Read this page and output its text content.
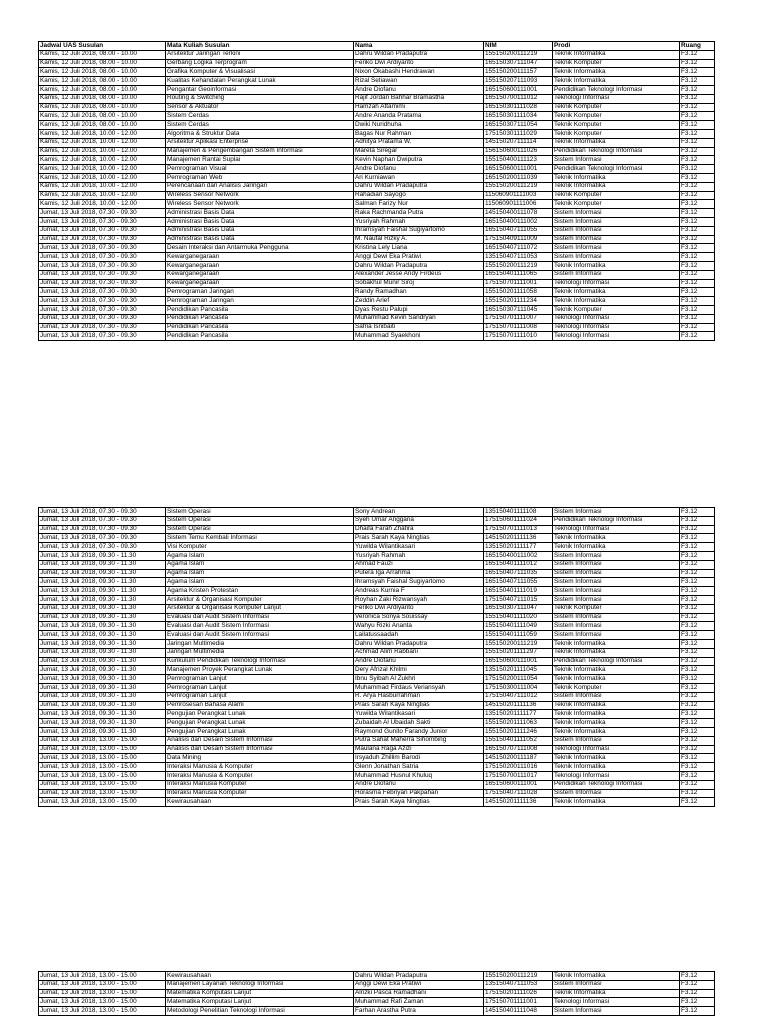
Jadwal UAS Susulan	Mata Kuliah Susulan	Nama	NIM	Prodi	Ruang
Kamis, 12 Juli 2018, 08.00 - 10.00	Arsitektur Jaringan Terkini	Dahru Wildan Pradaputra	155150200111219	Teknik Informatika	F3.12
Kamis, 12 Juli 2018, 08.00 - 10.00	Gerbang Logika Terprogram	Feriko Dwi Ardiyanto	165150307111047	Teknik Komputer	F3.12
Kamis, 12 Juli 2018, 08.00 - 10.00	Grafika Komputer & Visualisasi	Nixon Okabashi Hendrawan	155150200111157	Teknik Informatika	F3.12
Kamis, 12 Juli 2018, 08.00 - 10.00	Kualitas Kehandalan Perangkat Lunak	Rizal Setiawan	155150207111093	Teknik Informatika	F3.12
Kamis, 12 Juli 2018, 08.00 - 10.00	Pengantar Geoinformasi	Andre Diofanu	165150600111001	Pendidikan Teknologi Informasi	F3.12
Kamis, 12 Juli 2018, 08.00 - 10.00	Routing & Switching	Rajif Jordan Bahhar Bramastha	165150700111012	Teknologi Informasi	F3.12
Kamis, 12 Juli 2018, 08.00 - 10.00	Sensor & Aktuator	Hamzah Attamimi	165150301111028	Teknik Komputer	F3.12
Kamis, 12 Juli 2018, 08.00 - 10.00	Sistem Cerdas	Andre Ananda Pratama	165150301111034	Teknik Komputer	F3.12
Kamis, 12 Juli 2018, 08.00 - 10.00	Sistem Cerdas	Dwiki Nuridhuha	165150307111054	Teknik Komputer	F3.12
Kamis, 12 Juli 2018, 10.00 - 12.00	Algoritma & Struktur Data	Bagas Nur Rahman	175150301111029	Teknik Komputer	F3.12
Kamis, 12 Juli 2018, 10.00 - 12.00	Arsitektur Aplikasi Enterprise	Adhitya Pratama W.	145150207111114	Teknik Informatika	F3.12
Kamis, 12 Juli 2018, 10.00 - 12.00	Manajemen & Pengembangan Sistem Informasi	Mareta Siregar	156150600111026	Pendidikan Teknologi Informasi	F3.12
Kamis, 12 Juli 2018, 10.00 - 12.00	Manajemen Rantai Suplai	Kevin Naphan Dwiputra	155150400111123	Sistem Informasi	F3.12
Kamis, 12 Juli 2018, 10.00 - 12.00	Pemrograman Visual	Andre Diofanu	165150600111001	Pendidikan Teknologi Informasi	F3.12
Kamis, 12 Juli 2018, 10.00 - 12.00	Pemrograman Web	Ari Kurniawan	165150200111039	Teknik Informatika	F3.12
Kamis, 12 Juli 2018, 10.00 - 12.00	Perencanaan dan Analisis Jaringan	Dahru Wildan Pradaputra	155150200111219	Teknik Informatika	F3.12
Kamis, 12 Juli 2018, 10.00 - 12.00	Wireless Sensor Network	Rahadian Sayogo	115060901111003	Teknik Komputer	F3.12
Kamis, 12 Juli 2018, 10.00 - 12.00	Wireless Sensor Network	Salman Farizy Nur	115060901111006	Teknik Komputer	F3.12
Jumat, 13 Juli 2018, 07.30 - 09.30	Administrasi Basis Data	Raka Rachmanda Putra	145150400111078	Sistem Informasi	F3.12
Jumat, 13 Juli 2018, 07.30 - 09.30	Administrasi Basis Data	Yusriyah Rahmah	165150400111002	Sistem Informasi	F3.12
Jumat, 13 Juli 2018, 07.30 - 09.30	Administrasi Basis Data	Ihramsyah Faishal Sugiyartomo	165150407111055	Sistem Informasi	F3.12
Jumat, 13 Juli 2018, 07.30 - 09.30	Administrasi Basis Data	M. Naufal Rizky A.	175150409111009	Sistem Informasi	F3.12
Jumat, 13 Juli 2018, 07.30 - 09.30	Desain Interaksi dan Antarmuka Pengguna	Kristina Lely Liana	165150407111072	Sistem Informasi	F3.12
Jumat, 13 Juli 2018, 07.30 - 09.30	Kewarganegaraan	Anggi Dewi Eka Pratiwi	135150407111053	Sistem Informasi	F3.12
Jumat, 13 Juli 2018, 07.30 - 09.30	Kewarganegaraan	Dahru Wildan Pradaputra	155150200111219	Teknik Informatika	F3.12
Jumat, 13 Juli 2018, 07.30 - 09.30	Kewarganegaraan	Alexander Jesse Andy Firdeus	165150401111065	Sistem Informasi	F3.12
Jumat, 13 Juli 2018, 07.30 - 09.30	Kewarganegaraan	Sobakhul Munir Siroj	175150701111001	Teknologi Informasi	F3.12
Jumat, 13 Juli 2018, 07.30 - 09.30	Pemrograman Jaringan	Randy Ramadhan	155150201111058	Teknik Informatika	F3.12
Jumat, 13 Juli 2018, 07.30 - 09.30	Pemrograman Jaringan	Zeddin Arief	155150201111234	Teknik Informatika	F3.12
Jumat, 13 Juli 2018, 07.30 - 09.30	Pendidikan Pancasila	Dyas Restu Palupi	165150307111045	Teknik Komputer	F3.12
Jumat, 13 Juli 2018, 07.30 - 09.30	Pendidikan Pancasila	Muhammad Kevin Sandryan	175150701111007	Teknologi Informasi	F3.12
Jumat, 13 Juli 2018, 07.30 - 09.30	Pendidikan Pancasila	Safria Isnibaiti	175150701111008	Teknologi Informasi	F3.12
Jumat, 13 Juli 2018, 07.30 - 09.30	Pendidikan Pancasila	Muhammad Syaekhoni	175150701111010	Teknologi Informasi	F3.12
Jumat, 13 Juli 2018, 07.30 - 09.30	Sistem Operasi	Sony Andrean	135150401111108	Sistem Informasi	F3.12
Jumat, 13 Juli 2018, 07.30 - 09.30	Sistem Operasi	Syeh Umar Anggana	175150601111024	Pendidikan Teknologi Informasi	F3.12
Jumat, 13 Juli 2018, 07.30 - 09.30	Sistem Operasi	Dhaifa Farah Zhafira	175150701111013	Teknologi Informasi	F3.12
Jumat, 13 Juli 2018, 07.30 - 09.30	Sistem Temu Kembali Informasi	Prais Sarah Kaya Ningtias	145150201111136	Teknik Informatika	F3.12
Jumat, 13 Juli 2018, 07.30 - 09.30	Visi Komputer	Yuwilda Wilantikasari	135150201111177	Teknik Informatika	F3.12
Jumat, 13 Juli 2018, 09.30 - 11.30	Agama Islam	Yusriyah Rahmah	165150400111002	Sistem Informasi	F3.12
Jumat, 13 Juli 2018, 09.30 - 11.30	Agama Islam	Ahmad Fauzi	165150401111012	Sistem Informasi	F3.12
Jumat, 13 Juli 2018, 09.30 - 11.30	Agama Islam	Putera Iga Arrahma	165150407111035	Sistem Informasi	F3.12
Jumat, 13 Juli 2018, 09.30 - 11.30	Agama Islam	Ihramsyah Faishal Sugiyartomo	165150407111055	Sistem Informasi	F3.12
Jumat, 13 Juli 2018, 09.30 - 11.30	Agama Kristen Protestan	Andreas Kurnia F	165150401111019	Sistem Informasi	F3.12
Jumat, 13 Juli 2018, 09.30 - 11.30	Arsitektur & Organisasi Komputer	Royhan Zaki Rizwansyah	175150407111015	Sistem Informasi	F3.12
Jumat, 13 Juli 2018, 09.30 - 11.30	Arsitektur & Organisasi Komputer Lanjut	Feriko Dwi Ardiyanto	165150307111047	Teknik Komputer	F3.12
Jumat, 13 Juli 2018, 09.30 - 11.30	Evaluasi dan Audit Sistem Informasi	Veronica Sonya Souissay	155150401111020	Sistem Informasi	F3.12
Jumat, 13 Juli 2018, 09.30 - 11.30	Evaluasi dan Audit Sistem Informasi	Wahyu Rizki Ananta	155150401111049	Sistem Informasi	F3.12
Jumat, 13 Juli 2018, 09.30 - 11.30	Evaluasi dan Audit Sistem Informasi	Lailatussaadah	155150401111059	Sistem Informasi	F3.12
Jumat, 13 Juli 2018, 09.30 - 11.30	Jaringan Multimedia	Dahru Wildan Pradaputra	155150200111219	Teknik Informatika	F3.12
Jumat, 13 Juli 2018, 09.30 - 11.30	Jaringan Multimedia	Achmad Alim Rabbani	155150201111297	Teknik Informatika	F3.12
Jumat, 13 Juli 2018, 09.30 - 11.30	Kurikulum Pendidikan Teknologi Informasi	Andre Diofanu	165150600111001	Pendidikan Teknologi Informasi	F3.12
Jumat, 13 Juli 2018, 09.30 - 11.30	Manajemen Proyek Perangkat Lunak	Dery Afrizal Khilmi	135150201111045	Teknik Informatika	F3.12
Jumat, 13 Juli 2018, 09.30 - 11.30	Pemrograman Lanjut	Ibnu Syibah Al Zukhri	175150200111054	Teknik Informatika	F3.12
Jumat, 13 Juli 2018, 09.30 - 11.30	Pemrograman Lanjut	Muhammad Firdaus Veriansyah	175150300111004	Teknik Komputer	F3.12
Jumat, 13 Juli 2018, 09.30 - 11.30	Pemrograman Lanjut	R. Arya Hasburrahman	175150407111012	Sistem Informasi	F3.12
Jumat, 13 Juli 2018, 09.30 - 11.30	Pemrosesan Bahasa Alami	Prais Sarah Kaya Ningtias	145150201111136	Teknik Informatika	F3.12
Jumat, 13 Juli 2018, 09.30 - 11.30	Pengujian Perangkat Lunak	Yuwilda Wilantikasari	135150201111177	Teknik Informatika	F3.12
Jumat, 13 Juli 2018, 09.30 - 11.30	Pengujian Perangkat Lunak	Zubaidah Al Ubaidah Sakti	155150201111063	Teknik Informatika	F3.12
Jumat, 13 Juli 2018, 09.30 - 11.30	Pengujian Perangkat Lunak	Raymond Gunito Farandy Junior	155150201111246	Teknik Informatika	F3.12
Jumat, 13 Juli 2018, 13.00 - 15.00	Analisis dan Desain Sistem Informasi	Putra Sahat Maherra Sihombing	155150401111052	Sistem Informasi	F3.12
Jumat, 13 Juli 2018, 13.00 - 15.00	Analisis dan Desain Sistem Informasi	Maulana Raga Azizi	165150707111008	Teknologi Informasi	F3.12
Jumat, 13 Juli 2018, 13.00 - 15.00	Data Mining	Irsyaduh Zhillim Barodi	145150200111187	Teknik Informatika	F3.12
Jumat, 13 Juli 2018, 13.00 - 15.00	Interaksi Manusia & Komputer	Glenn Jonathan Satria	175150200111016	Teknik Informatika	F3.12
Jumat, 13 Juli 2018, 13.00 - 15.00	Interaksi Manusia & Komputer	Muhammad Husnul Khuluq	175150700111017	Teknologi Informasi	F3.12
Jumat, 13 Juli 2018, 13.00 - 15.00	Interaksi Manusia Komputer	Andre Diofanu	165150600111001	Pendidikan Teknologi Informasi	F3.12
Jumat, 13 Juli 2018, 13.00 - 15.00	Interaksi Manusia Komputer	Horasma Febriyan Pakpahan	175150407111028	Sistem Informasi	F3.12
Jumat, 13 Juli 2018, 13.00 - 15.00	Kewirausahaan	Prais Sarah Kaya Ningtias	145150201111136	Teknik Informatika	F3.12
Jumat, 13 Juli 2018, 13.00 - 15.00	Kewirausahaan	Dahru Wildan Pradaputra	155150200111219	Teknik Informatika	F3.12
Jumat, 13 Juli 2018, 13.00 - 15.00	Manajemen Layanan Teknologi Informasi	Anggi Dewi Eka Pratiwi	135150407111053	Sistem Informasi	F3.12
Jumat, 13 Juli 2018, 13.00 - 15.00	Matematika Komputasi Lanjut	Alrizki Pasca Ramadhani	175150201111026	Teknik Informatika	F3.12
Jumat, 13 Juli 2018, 13.00 - 15.00	Matematika Komputasi Lanjut	Muhammad Rafi Zaman	175150701111001	Teknologi Informasi	F3.12
Jumat, 13 Juli 2018, 13.00 - 15.00	Metodologi Penelitian Teknologi Informasi	Farhan Arastha Putra	145150401111048	Sistem Informasi	F3.12
